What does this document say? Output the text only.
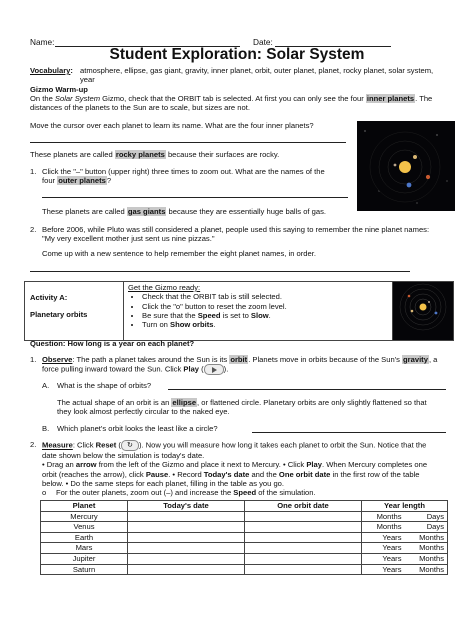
Name:	Date:
Student Exploration: Solar System
Vocabulary: atmosphere, ellipse, gas giant, gravity, inner planet, orbit, outer planet, planet, rocky planet, solar system,
year
Gizmo Warm-up
On the Solar System Gizmo, check that the ORBIT tab is selected. At first you can only see the four inner planets. The
distances of the planets to the Sun are to scale, but sizes are not.
Move the cursor over each planet to learn its name. What are the four inner planets?
These planets are called rocky planets because their surfaces are rocky.
1. Click the "–" button (upper right) three times to zoom out. What are the names of the
four outer planets?
These planets are called gas giants because they are essentially huge balls of gas.
2. Before 2006, while Pluto was still considered a planet, people used this saying to remember the nine planet names:
"My very excellent mother just sent us nine pizzas."
Come up with a new sentence to help remember the eight planet names, in order.
Activity A:
Planetary orbits

Get the Gizmo ready:
• Check that the ORBIT tab is still selected.
• Click the "o" button to reset the zoom level.
• Be sure that the Speed is set to Slow.
• Turn on Show orbits.

Question: How long is a year on each planet?
1. Observe: The path a planet takes around the Sun is its orbit. Planets move in orbits because of the Sun's gravity, a
force pulling inward toward the Sun. Click Play (	).
A. What is the shape of orbits?
The actual shape of an orbit is an ellipse, or flattened circle. Planetary orbits are only slightly flattened so that
they look almost perfectly circular to the naked eye.
B. Which planet's orbit looks the least like a circle?
2. Measure: Click Reset ( ↻ ). Now you will measure how long it takes each planet to orbit the Sun. Notice that the
date shown below the simulation is today's date.
• Drag an arrow from the left of the Gizmo and place it next to Mercury. • Click Play. When Mercury completes one
orbit (reaches the arrow), click Pause. • Record Today's date and the One orbit date in the first row of the table
below. • Do the same steps for each planet, filling in the table as you go.
o For the outer planets, zoom out (–) and increase the Speed of the simulation.
Planet	Today's date	One orbit date	Year length	
Mercury			Months	Days
Venus			Months	Days
Earth			Years	Months
Mars			Years	Months
Jupiter			Years	Months
Saturn			Years	Months
